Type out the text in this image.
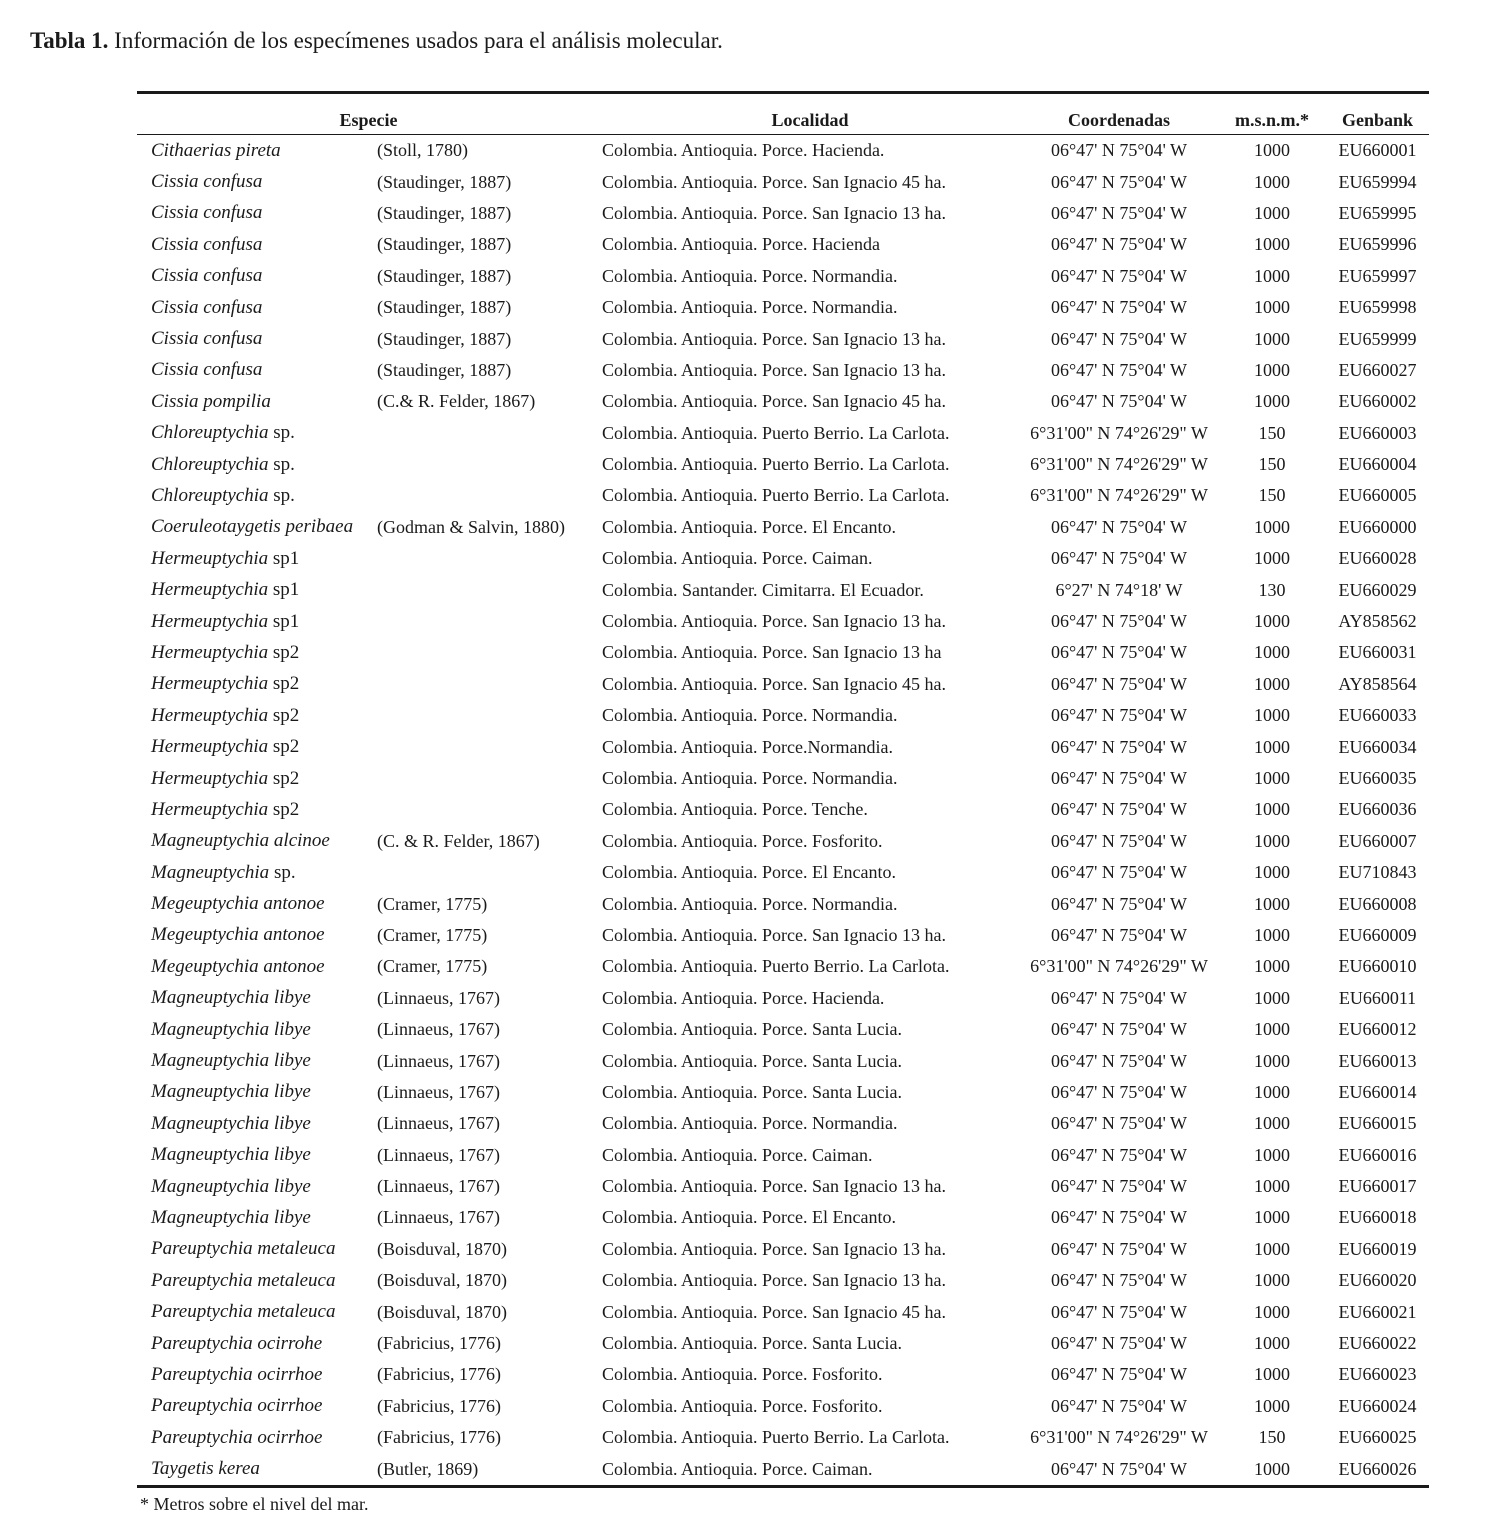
Tabla 1. Información de los especímenes usados para el análisis molecular.
Especie		Localidad	Coordenadas	m.s.n.m.*	Genbank
Cithaerias pireta	(Stoll, 1780)	Colombia. Antioquia. Porce. Hacienda.	06°47' N 75°04' W	1000	EU660001
Cissia confusa	(Staudinger, 1887)	Colombia. Antioquia. Porce. San Ignacio 45 ha.	06°47' N 75°04' W	1000	EU659994
Cissia confusa	(Staudinger, 1887)	Colombia. Antioquia. Porce. San Ignacio 13 ha.	06°47' N 75°04' W	1000	EU659995
Cissia confusa	(Staudinger, 1887)	Colombia. Antioquia. Porce. Hacienda	06°47' N 75°04' W	1000	EU659996
Cissia confusa	(Staudinger, 1887)	Colombia. Antioquia. Porce. Normandia.	06°47' N 75°04' W	1000	EU659997
Cissia confusa	(Staudinger, 1887)	Colombia. Antioquia. Porce. Normandia.	06°47' N 75°04' W	1000	EU659998
Cissia confusa	(Staudinger, 1887)	Colombia. Antioquia. Porce. San Ignacio 13 ha.	06°47' N 75°04' W	1000	EU659999
Cissia confusa	(Staudinger, 1887)	Colombia. Antioquia. Porce. San Ignacio 13 ha.	06°47' N 75°04' W	1000	EU660027
Cissia pompilia	(C.& R. Felder, 1867)	Colombia. Antioquia. Porce. San Ignacio 45 ha.	06°47' N 75°04' W	1000	EU660002
Chloreuptychia sp.		Colombia. Antioquia. Puerto Berrio. La Carlota.	6°31'00" N 74°26'29" W	150	EU660003
Chloreuptychia sp.		Colombia. Antioquia. Puerto Berrio. La Carlota.	6°31'00" N 74°26'29" W	150	EU660004
Chloreuptychia sp.		Colombia. Antioquia. Puerto Berrio. La Carlota.	6°31'00" N 74°26'29" W	150	EU660005
Coeruleotaygetis peribaea	(Godman & Salvin, 1880)	Colombia. Antioquia. Porce. El Encanto.	06°47' N 75°04' W	1000	EU660000
Hermeuptychia sp1		Colombia. Antioquia. Porce. Caiman.	06°47' N 75°04' W	1000	EU660028
Hermeuptychia sp1		Colombia. Santander. Cimitarra. El Ecuador.	6°27' N 74°18' W	130	EU660029
Hermeuptychia sp1		Colombia. Antioquia. Porce. San Ignacio 13 ha.	06°47' N 75°04' W	1000	AY858562
Hermeuptychia sp2		Colombia. Antioquia. Porce. San Ignacio 13 ha	06°47' N 75°04' W	1000	EU660031
Hermeuptychia sp2		Colombia. Antioquia. Porce. San Ignacio 45 ha.	06°47' N 75°04' W	1000	AY858564
Hermeuptychia sp2		Colombia. Antioquia. Porce. Normandia.	06°47' N 75°04' W	1000	EU660033
Hermeuptychia sp2		Colombia. Antioquia. Porce.Normandia.	06°47' N 75°04' W	1000	EU660034
Hermeuptychia sp2		Colombia. Antioquia. Porce. Normandia.	06°47' N 75°04' W	1000	EU660035
Hermeuptychia sp2		Colombia. Antioquia. Porce. Tenche.	06°47' N 75°04' W	1000	EU660036
Magneuptychia alcinoe	(C. & R. Felder, 1867)	Colombia. Antioquia. Porce. Fosforito.	06°47' N 75°04' W	1000	EU660007
Magneuptychia sp.		Colombia. Antioquia. Porce. El Encanto.	06°47' N 75°04' W	1000	EU710843
Megeuptychia antonoe	(Cramer, 1775)	Colombia. Antioquia. Porce. Normandia.	06°47' N 75°04' W	1000	EU660008
Megeuptychia antonoe	(Cramer, 1775)	Colombia. Antioquia. Porce. San Ignacio 13 ha.	06°47' N 75°04' W	1000	EU660009
Megeuptychia antonoe	(Cramer, 1775)	Colombia. Antioquia. Puerto Berrio. La Carlota.	6°31'00" N 74°26'29" W	1000	EU660010
Magneuptychia libye	(Linnaeus, 1767)	Colombia. Antioquia. Porce. Hacienda.	06°47' N 75°04' W	1000	EU660011
Magneuptychia libye	(Linnaeus, 1767)	Colombia. Antioquia. Porce. Santa Lucia.	06°47' N 75°04' W	1000	EU660012
Magneuptychia libye	(Linnaeus, 1767)	Colombia. Antioquia. Porce. Santa Lucia.	06°47' N 75°04' W	1000	EU660013
Magneuptychia libye	(Linnaeus, 1767)	Colombia. Antioquia. Porce. Santa Lucia.	06°47' N 75°04' W	1000	EU660014
Magneuptychia libye	(Linnaeus, 1767)	Colombia. Antioquia. Porce. Normandia.	06°47' N 75°04' W	1000	EU660015
Magneuptychia libye	(Linnaeus, 1767)	Colombia. Antioquia. Porce. Caiman.	06°47' N 75°04' W	1000	EU660016
Magneuptychia libye	(Linnaeus, 1767)	Colombia. Antioquia. Porce. San Ignacio 13 ha.	06°47' N 75°04' W	1000	EU660017
Magneuptychia libye	(Linnaeus, 1767)	Colombia. Antioquia. Porce. El Encanto.	06°47' N 75°04' W	1000	EU660018
Pareuptychia metaleuca	(Boisduval, 1870)	Colombia. Antioquia. Porce. San Ignacio 13 ha.	06°47' N 75°04' W	1000	EU660019
Pareuptychia metaleuca	(Boisduval, 1870)	Colombia. Antioquia. Porce. San Ignacio 13 ha.	06°47' N 75°04' W	1000	EU660020
Pareuptychia metaleuca	(Boisduval, 1870)	Colombia. Antioquia. Porce. San Ignacio 45 ha.	06°47' N 75°04' W	1000	EU660021
Pareuptychia ocirrohe	(Fabricius, 1776)	Colombia. Antioquia. Porce. Santa Lucia.	06°47' N 75°04' W	1000	EU660022
Pareuptychia ocirrhoe	(Fabricius, 1776)	Colombia. Antioquia. Porce. Fosforito.	06°47' N 75°04' W	1000	EU660023
Pareuptychia ocirrhoe	(Fabricius, 1776)	Colombia. Antioquia. Porce. Fosforito.	06°47' N 75°04' W	1000	EU660024
Pareuptychia ocirrhoe	(Fabricius, 1776)	Colombia. Antioquia. Puerto Berrio. La Carlota.	6°31'00" N 74°26'29" W	150	EU660025
Taygetis kerea	(Butler, 1869)	Colombia. Antioquia. Porce. Caiman.	06°47' N 75°04' W	1000	EU660026
* Metros sobre el nivel del mar.
